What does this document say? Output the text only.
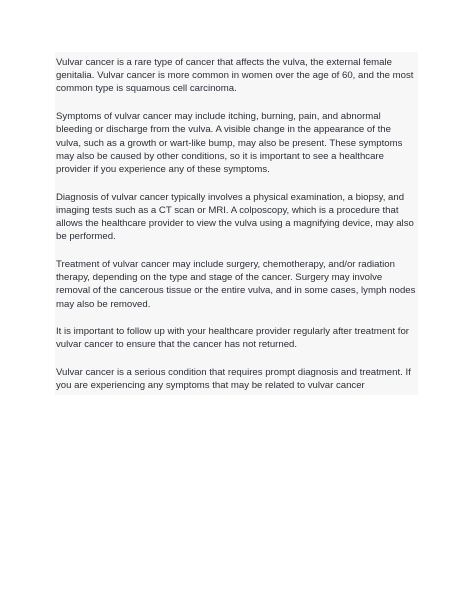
Vulvar cancer is a rare type of cancer that affects the vulva, the external female genitalia. Vulvar cancer is more common in women over the age of 60, and the most common type is squamous cell carcinoma.

Symptoms of vulvar cancer may include itching, burning, pain, and abnormal bleeding or discharge from the vulva. A visible change in the appearance of the vulva, such as a growth or wart-like bump, may also be present. These symptoms may also be caused by other conditions, so it is important to see a healthcare provider if you experience any of these symptoms.

Diagnosis of vulvar cancer typically involves a physical examination, a biopsy, and imaging tests such as a CT scan or MRI. A colposcopy, which is a procedure that allows the healthcare provider to view the vulva using a magnifying device, may also be performed.

Treatment of vulvar cancer may include surgery, chemotherapy, and/or radiation therapy, depending on the type and stage of the cancer. Surgery may involve removal of the cancerous tissue or the entire vulva, and in some cases, lymph nodes may also be removed.

It is important to follow up with your healthcare provider regularly after treatment for vulvar cancer to ensure that the cancer has not returned.

Vulvar cancer is a serious condition that requires prompt diagnosis and treatment. If you are experiencing any symptoms that may be related to vulvar cancer
